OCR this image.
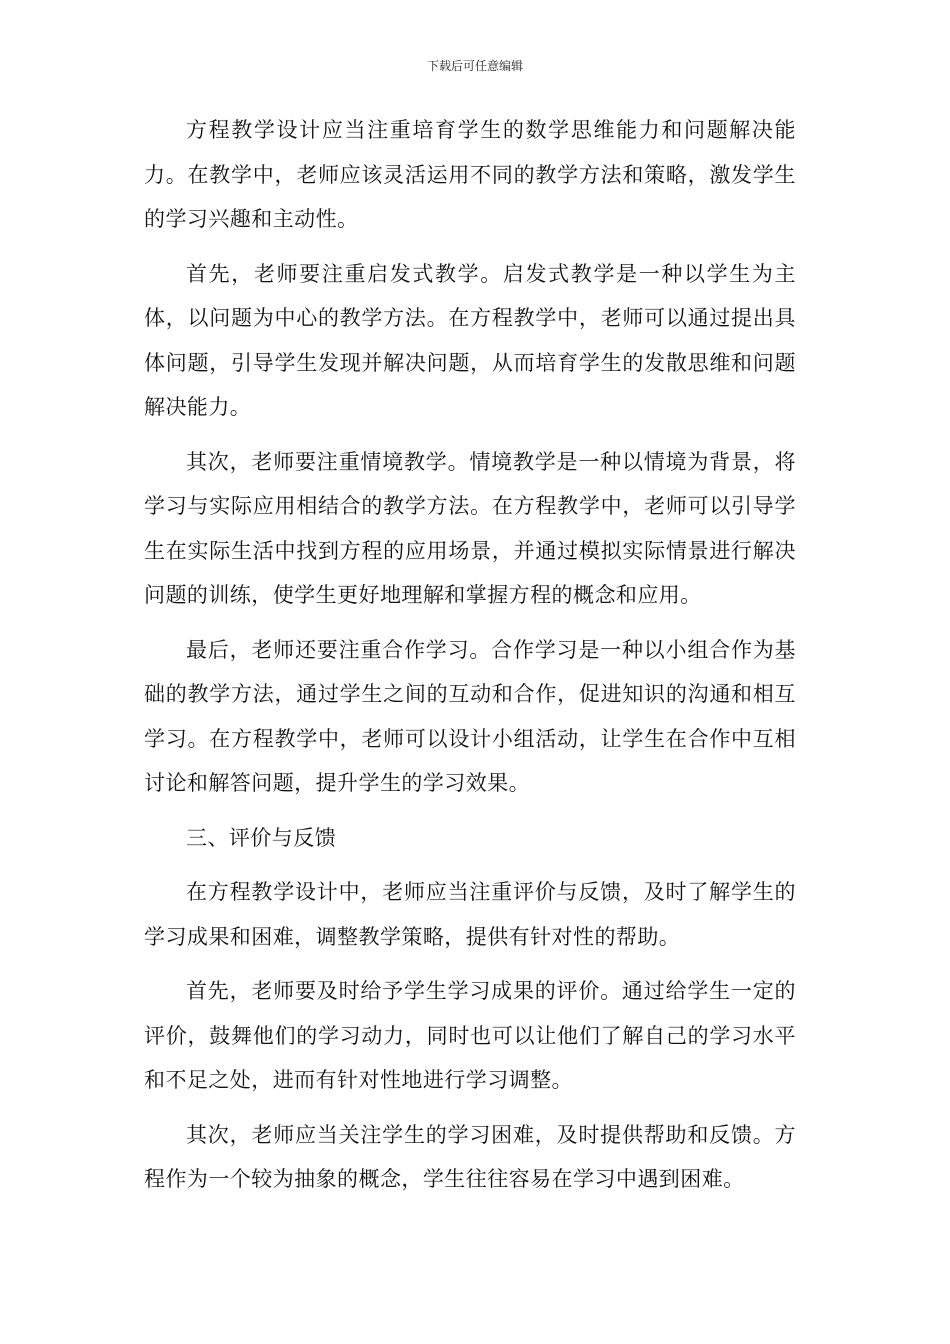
下载后可任意编辑

方程教学设计应当注重培育学生的数学思维能力和问题解决能力。在教学中，老师应该灵活运用不同的教学方法和策略，激发学生的学习兴趣和主动性。

首先，老师要注重启发式教学。启发式教学是一种以学生为主体，以问题为中心的教学方法。在方程教学中，老师可以通过提出具体问题，引导学生发现并解决问题，从而培育学生的发散思维和问题解决能力。

其次，老师要注重情境教学。情境教学是一种以情境为背景，将学习与实际应用相结合的教学方法。在方程教学中，老师可以引导学生在实际生活中找到方程的应用场景，并通过模拟实际情景进行解决问题的训练，使学生更好地理解和掌握方程的概念和应用。

最后，老师还要注重合作学习。合作学习是一种以小组合作为基础的教学方法，通过学生之间的互动和合作，促进知识的沟通和相互学习。在方程教学中，老师可以设计小组活动，让学生在合作中互相讨论和解答问题，提升学生的学习效果。

三、评价与反馈

在方程教学设计中，老师应当注重评价与反馈，及时了解学生的学习成果和困难，调整教学策略，提供有针对性的帮助。

首先，老师要及时给予学生学习成果的评价。通过给学生一定的评价，鼓舞他们的学习动力，同时也可以让他们了解自己的学习水平和不足之处，进而有针对性地进行学习调整。

其次，老师应当关注学生的学习困难，及时提供帮助和反馈。方程作为一个较为抽象的概念，学生往往容易在学习中遇到困难。
